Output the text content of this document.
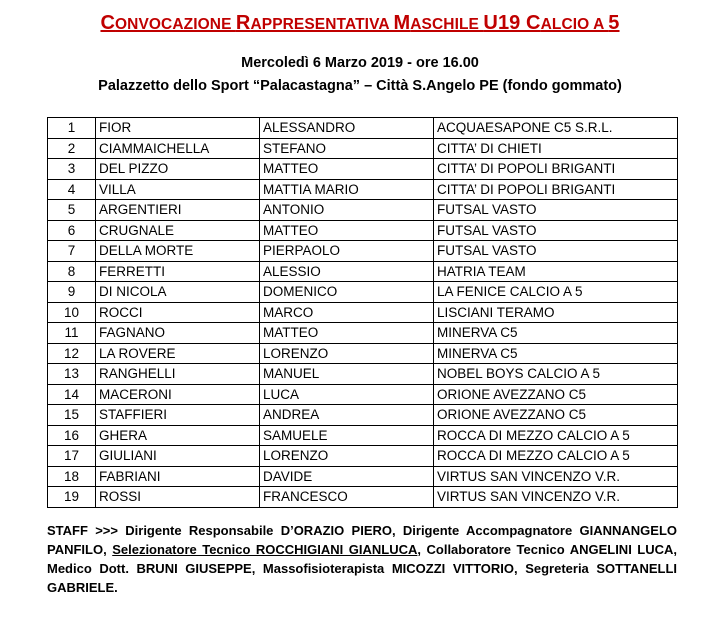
CONVOCAZIONE RAPPRESENTATIVA MASCHILE U19 CALCIO A 5
Mercoledì 6 Marzo 2019 - ore 16.00
Palazzetto dello Sport “Palacastagna” – Città S.Angelo PE (fondo gommato)
1	FIOR	ALESSANDRO	ACQUAESAPONE C5 S.R.L.
2	CIAMMAICHELLA	STEFANO	CITTA’ DI CHIETI
3	DEL PIZZO	MATTEO	CITTA’ DI POPOLI BRIGANTI
4	VILLA	MATTIA MARIO	CITTA’ DI POPOLI BRIGANTI
5	ARGENTIERI	ANTONIO	FUTSAL VASTO
6	CRUGNALE	MATTEO	FUTSAL VASTO
7	DELLA MORTE	PIERPAOLO	FUTSAL VASTO
8	FERRETTI	ALESSIO	HATRIA TEAM
9	DI NICOLA	DOMENICO	LA FENICE CALCIO A 5
10	ROCCI	MARCO	LISCIANI TERAMO
11	FAGNANO	MATTEO	MINERVA C5
12	LA ROVERE	LORENZO	MINERVA C5
13	RANGHELLI	MANUEL	NOBEL BOYS CALCIO A 5
14	MACERONI	LUCA	ORIONE AVEZZANO C5
15	STAFFIERI	ANDREA	ORIONE AVEZZANO C5
16	GHERA	SAMUELE	ROCCA DI MEZZO CALCIO A 5
17	GIULIANI	LORENZO	ROCCA DI MEZZO CALCIO A 5
18	FABRIANI	DAVIDE	VIRTUS SAN VINCENZO V.R.
19	ROSSI	FRANCESCO	VIRTUS SAN VINCENZO V.R.
STAFF >>> Dirigente Responsabile D’ORAZIO PIERO, Dirigente Accompagnatore GIANNANGELO
PANFILO, Selezionatore Tecnico ROCCHIGIANI GIANLUCA, Collaboratore Tecnico ANGELINI LUCA,
Medico Dott. BRUNI GIUSEPPE, Massofisioterapista MICOZZI VITTORIO, Segreteria SOTTANELLI
GABRIELE.
